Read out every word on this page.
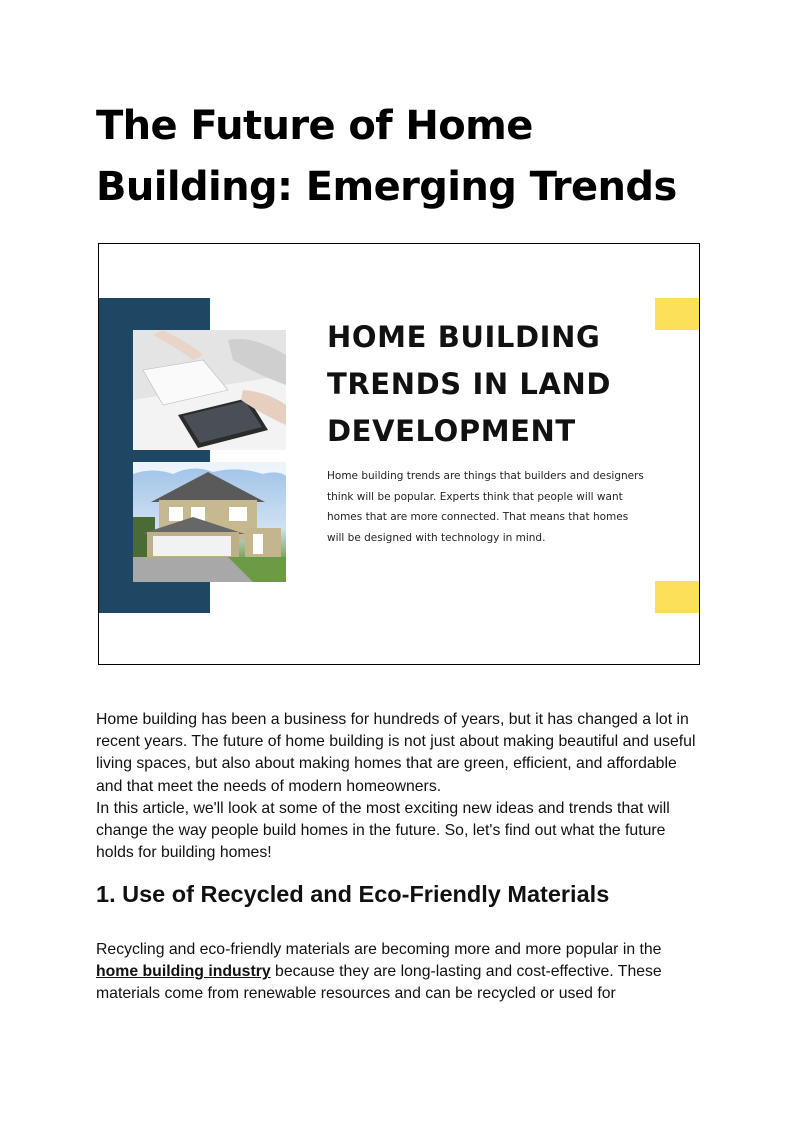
The Future of Home Building: Emerging Trends
HOME BUILDING
TRENDS IN LAND
DEVELOPMENT
Home building trends are things that builders and designers think will be popular. Experts think that people will want homes that are more connected. That means that homes will be designed with technology in mind.

Home building has been a business for hundreds of years, but it has changed a lot in recent years. The future of home building is not just about making beautiful and useful living spaces, but also about making homes that are green, efficient, and affordable and that meet the needs of modern homeowners.

In this article, we'll look at some of the most exciting new ideas and trends that will change the way people build homes in the future. So, let's find out what the future holds for building homes!

1. Use of Recycled and Eco-Friendly Materials

Recycling and eco-friendly materials are becoming more and more popular in the home building industry because they are long-lasting and cost-effective. These materials come from renewable resources and can be recycled or used for
